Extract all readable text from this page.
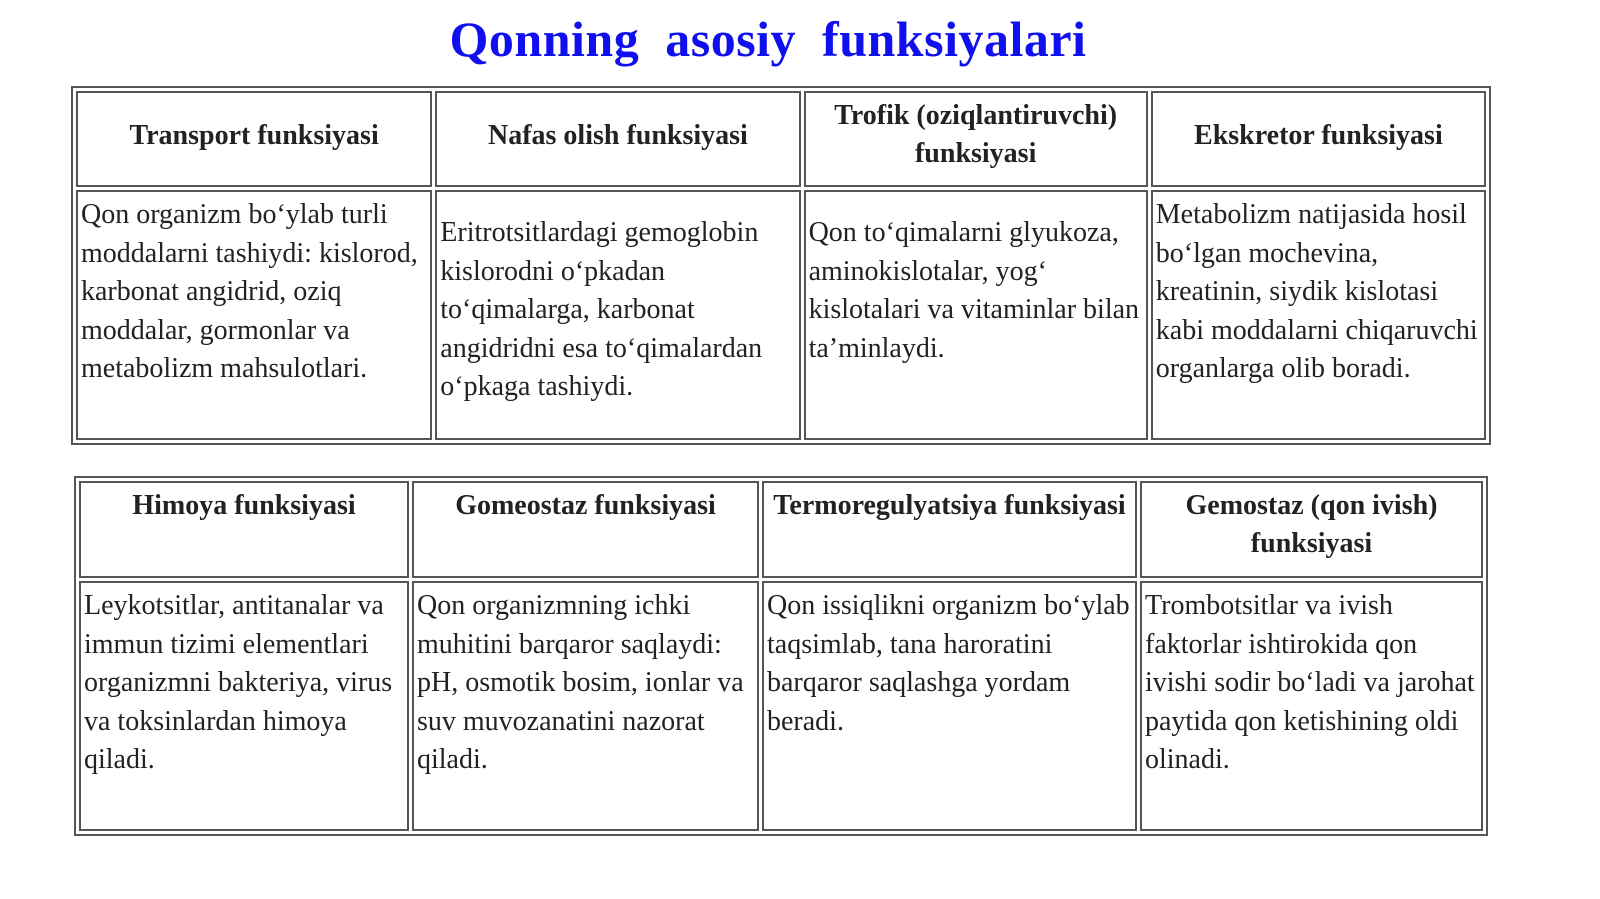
Qonning  asosiy  funksiyalari
Transport funksiyasi	Nafas olish funksiyasi	Trofik (oziqlantiruvchi) funksiyasi	Ekskretor funksiyasi
Qon organizm bo‘ylab turli moddalarni tashiydi: kislorod, karbonat angidrid, oziq moddalar, gormonlar va metabolizm mahsulotlari.	Eritrotsitlardagi gemoglobin kislorodni o‘pkadan to‘qimalarga, karbonat angidridni esa to‘qimalardan o‘pkaga tashiydi.	Qon to‘qimalarni glyukoza, aminokislotalar, yog‘ kislotalari va vitaminlar bilan ta’minlaydi.	Metabolizm natijasida hosil bo‘lgan mochevina, kreatinin, siydik kislotasi kabi moddalarni chiqaruvchi organlarga olib boradi.
Himoya funksiyasi	Gomeostaz funksiyasi	Termoregulyatsiya funksiyasi	Gemostaz (qon ivish) funksiyasi
Leykotsitlar, antitanalar va immun tizimi elementlari organizmni bakteriya, virus va toksinlardan himoya qiladi.	Qon organizmning ichki muhitini barqaror saqlaydi: pH, osmotik bosim, ionlar va suv muvozanatini nazorat qiladi.	Qon issiqlikni organizm bo‘ylab taqsimlab, tana haroratini barqaror saqlashga yordam beradi.	Trombotsitlar va ivish faktorlar ishtirokida qon ivishi sodir bo‘ladi va jarohat paytida qon ketishining oldi olinadi.
